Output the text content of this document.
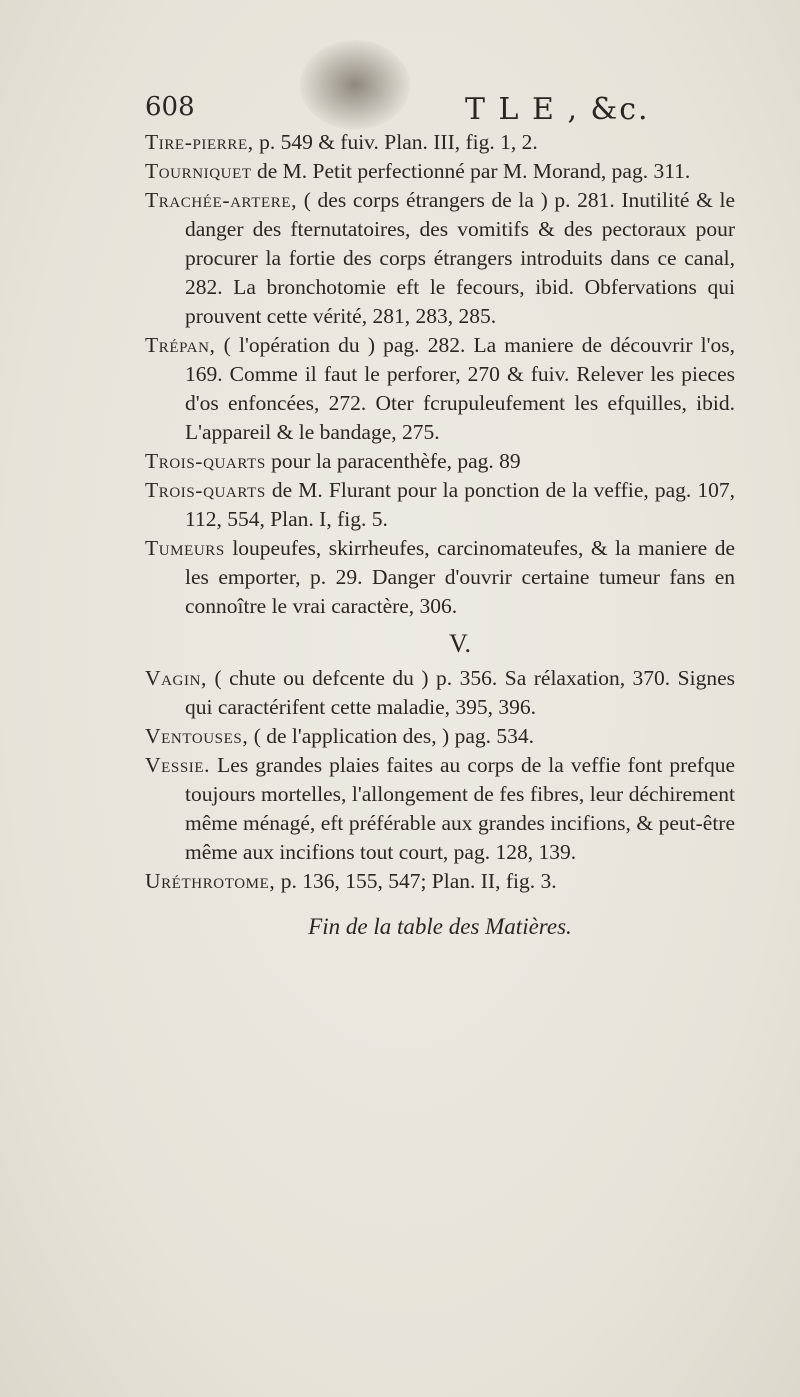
608	T L E , &c.

Tire-pierre, p. 549 & fuiv. Plan. III, fig. 1, 2.

Tourniquet de M. Petit perfectionné par M. Morand, pag. 311.

Trachée-artere, ( des corps étrangers de la ) p. 281. Inutilité & le danger des fternutatoires, des vomitifs & des pectoraux pour procurer la fortie des corps étrangers introduits dans ce canal, 282. La bronchotomie eft le fecours, ibid. Obfervations qui prouvent cette vérité, 281, 283, 285.

Trépan, ( l'opération du ) pag. 282. La maniere de découvrir l'os, 169. Comme il faut le perforer, 270 & fuiv. Relever les pieces d'os enfoncées, 272. Oter fcrupuleufement les efquilles, ibid. L'appareil & le bandage, 275.

Trois-quarts pour la paracenthèfe, pag. 89

Trois-quarts de M. Flurant pour la ponction de la veffie, pag. 107, 112, 554, Plan. I, fig. 5.

Tumeurs loupeufes, skirrheufes, carcinomateufes, & la maniere de les emporter, p. 29. Danger d'ouvrir certaine tumeur fans en connoître le vrai caractère, 306.

V.

Vagin, ( chute ou defcente du ) p. 356. Sa rélaxation, 370. Signes qui caractérifent cette maladie, 395, 396.

Ventouses, ( de l'application des, ) pag. 534.

Vessie. Les grandes plaies faites au corps de la veffie font prefque toujours mortelles, l'allongement de fes fibres, leur déchirement même ménagé, eft préférable aux grandes incifions, & peut-être même aux incifions tout court, pag. 128, 139.

Uréthrotome, p. 136, 155, 547; Plan. II, fig. 3.

Fin de la table des Matières.
